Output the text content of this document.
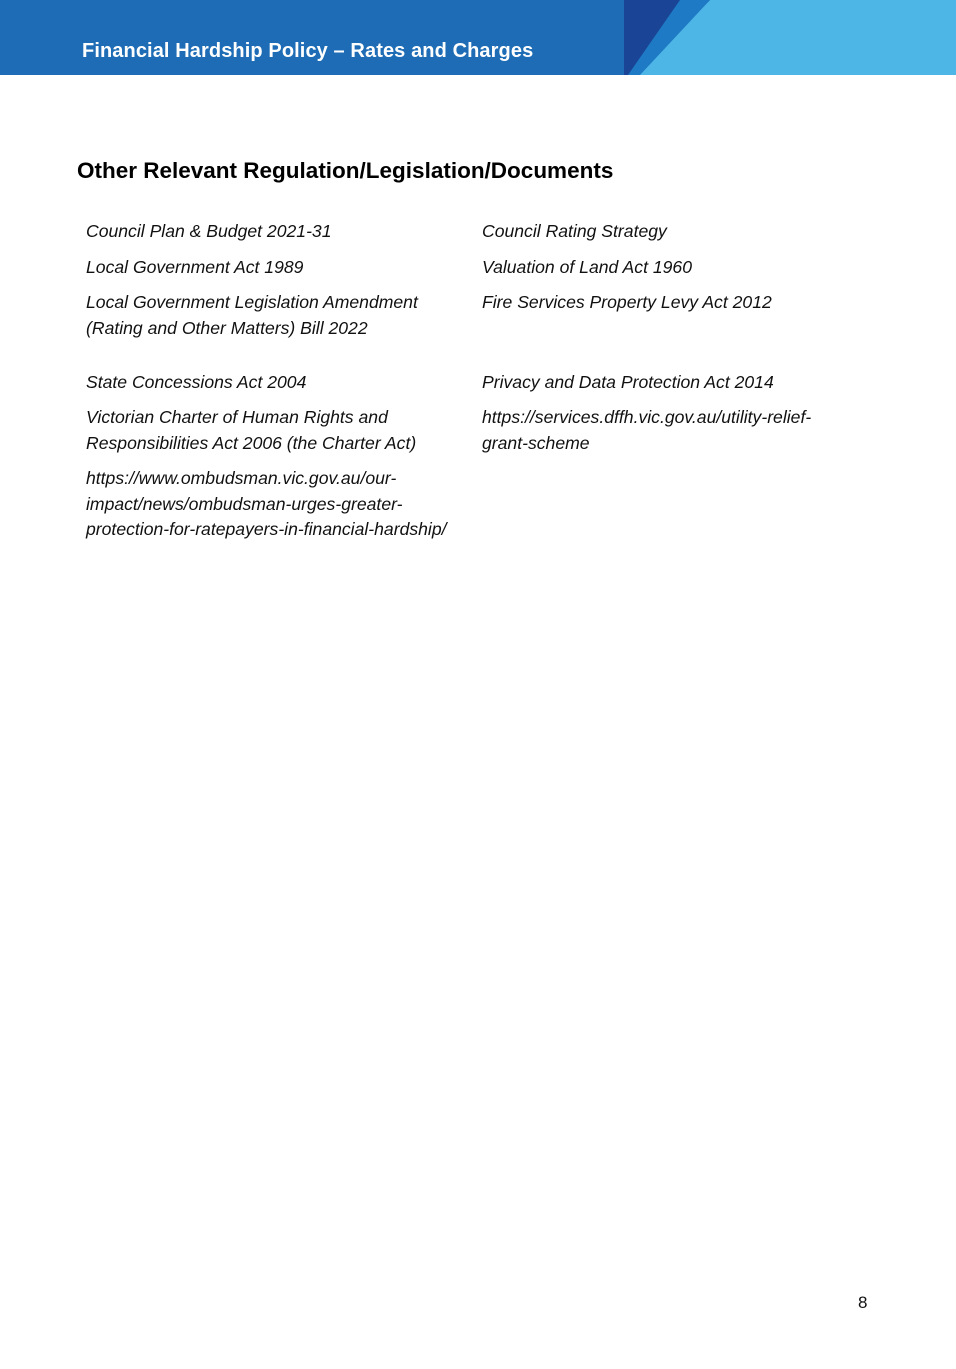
Financial Hardship Policy – Rates and Charges
Other Relevant Regulation/Legislation/Documents
Council Plan & Budget 2021-31
Local Government Act 1989
Local Government Legislation Amendment (Rating and Other Matters) Bill 2022
State Concessions Act 2004
Victorian Charter of Human Rights and Responsibilities Act 2006 (the Charter Act)
https://www.ombudsman.vic.gov.au/our-impact/news/ombudsman-urges-greater-protection-for-ratepayers-in-financial-hardship/
Council Rating Strategy
Valuation of Land Act 1960
Fire Services Property Levy Act 2012
Privacy and Data Protection Act 2014
https://services.dffh.vic.gov.au/utility-relief-grant-scheme
8
